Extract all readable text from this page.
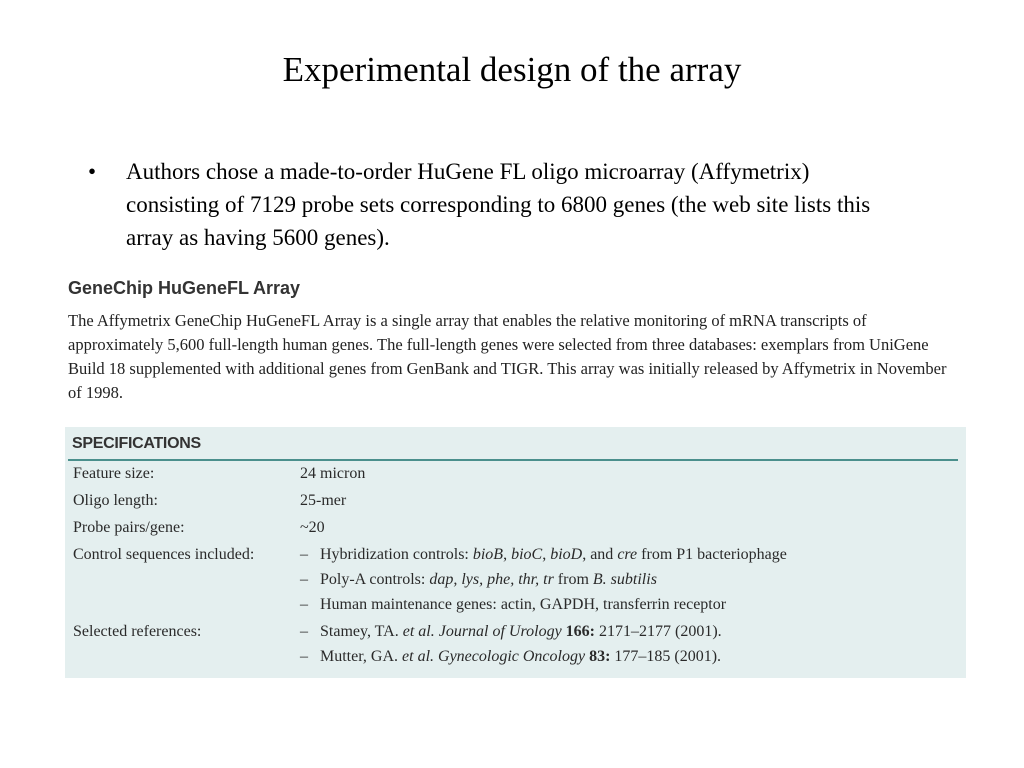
Experimental design of the array
• Authors chose a made-to-order HuGene FL oligo microarray (Affymetrix) consisting of 7129 probe sets corresponding to 6800 genes (the web site lists this array as having 5600 genes).
GeneChip HuGeneFL Array
The Affymetrix GeneChip HuGeneFL Array is a single array that enables the relative monitoring of mRNA transcripts of approximately 5,600 full-length human genes. The full-length genes were selected from three databases: exemplars from UniGene Build 18 supplemented with additional genes from GenBank and TIGR. This array was initially released by Affymetrix in November of 1998.
SPECIFICATIONS
Feature size:	24 micron
Oligo length:	25-mer
Probe pairs/gene:	~20
Control sequences included:	– Hybridization controls: bioB, bioC, bioD, and cre from P1 bacteriophage
– Poly-A controls: dap, lys, phe, thr, tr from B. subtilis
– Human maintenance genes: actin, GAPDH, transferrin receptor
Selected references:	– Stamey, TA. et al. Journal of Urology 166: 2171–2177 (2001).
– Mutter, GA. et al. Gynecologic Oncology 83: 177–185 (2001).
